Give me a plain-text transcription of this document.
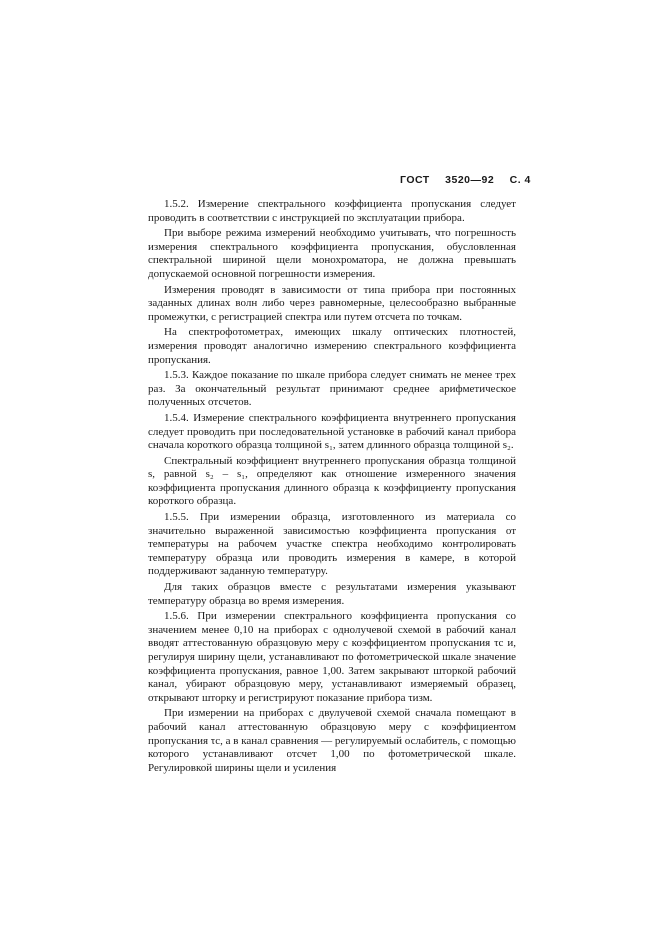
ГОСТ 3520—92 С. 4

1.5.2. Измерение спектрального коэффициента пропускания следует проводить в соответствии с инструкцией по эксплуатации прибора.

При выборе режима измерений необходимо учитывать, что погрешность измерения спектрального коэффициента пропускания, обусловленная спектральной шириной щели монохроматора, не должна превышать допускаемой основной погрешности измерения.

Измерения проводят в зависимости от типа прибора при постоянных заданных длинах волн либо через равномерные, целесообразно выбранные промежутки, с регистрацией спектра или путем отсчета по точкам.

На спектрофотометрах, имеющих шкалу оптических плотностей, измерения проводят аналогично измерению спектрального коэффициента пропускания.

1.5.3. Каждое показание по шкале прибора следует снимать не менее трех раз. За окончательный результат принимают среднее арифметическое полученных отсчетов.

1.5.4. Измерение спектрального коэффициента внутреннего пропускания следует проводить при последовательной установке в рабочий канал прибора сначала короткого образца толщиной s₁, затем длинного образца толщиной s₂.

Спектральный коэффициент внутреннего пропускания образца толщиной s, равной s₂ – s₁, определяют как отношение измеренного значения коэффициента пропускания длинного образца к коэффициенту пропускания короткого образца.

1.5.5. При измерении образца, изготовленного из материала со значительно выраженной зависимостью коэффициента пропускания от температуры на рабочем участке спектра необходимо контролировать температуру образца или проводить измерения в камере, в которой поддерживают заданную температуру.

Для таких образцов вместе с результатами измерения указывают температуру образца во время измерения.

1.5.6. При измерении спектрального коэффициента пропускания со значением менее 0,10 на приборах с однолучевой схемой в рабочий канал вводят аттестованную образцовую меру с коэффициентом пропускания τc и, регулируя ширину щели, устанавливают по фотометрической шкале значение коэффициента пропускания, равное 1,00. Затем закрывают шторкой рабочий канал, убирают образцовую меру, устанавливают измеряемый образец, открывают шторку и регистрируют показание прибора τизм.

При измерении на приборах с двулучевой схемой сначала помещают в рабочий канал аттестованную образцовую меру с коэффициентом пропускания τc, а в канал сравнения — регулируемый ослабитель, с помощью которого устанавливают отсчет 1,00 по фотометрической шкале. Регулировкой ширины щели и усиления
